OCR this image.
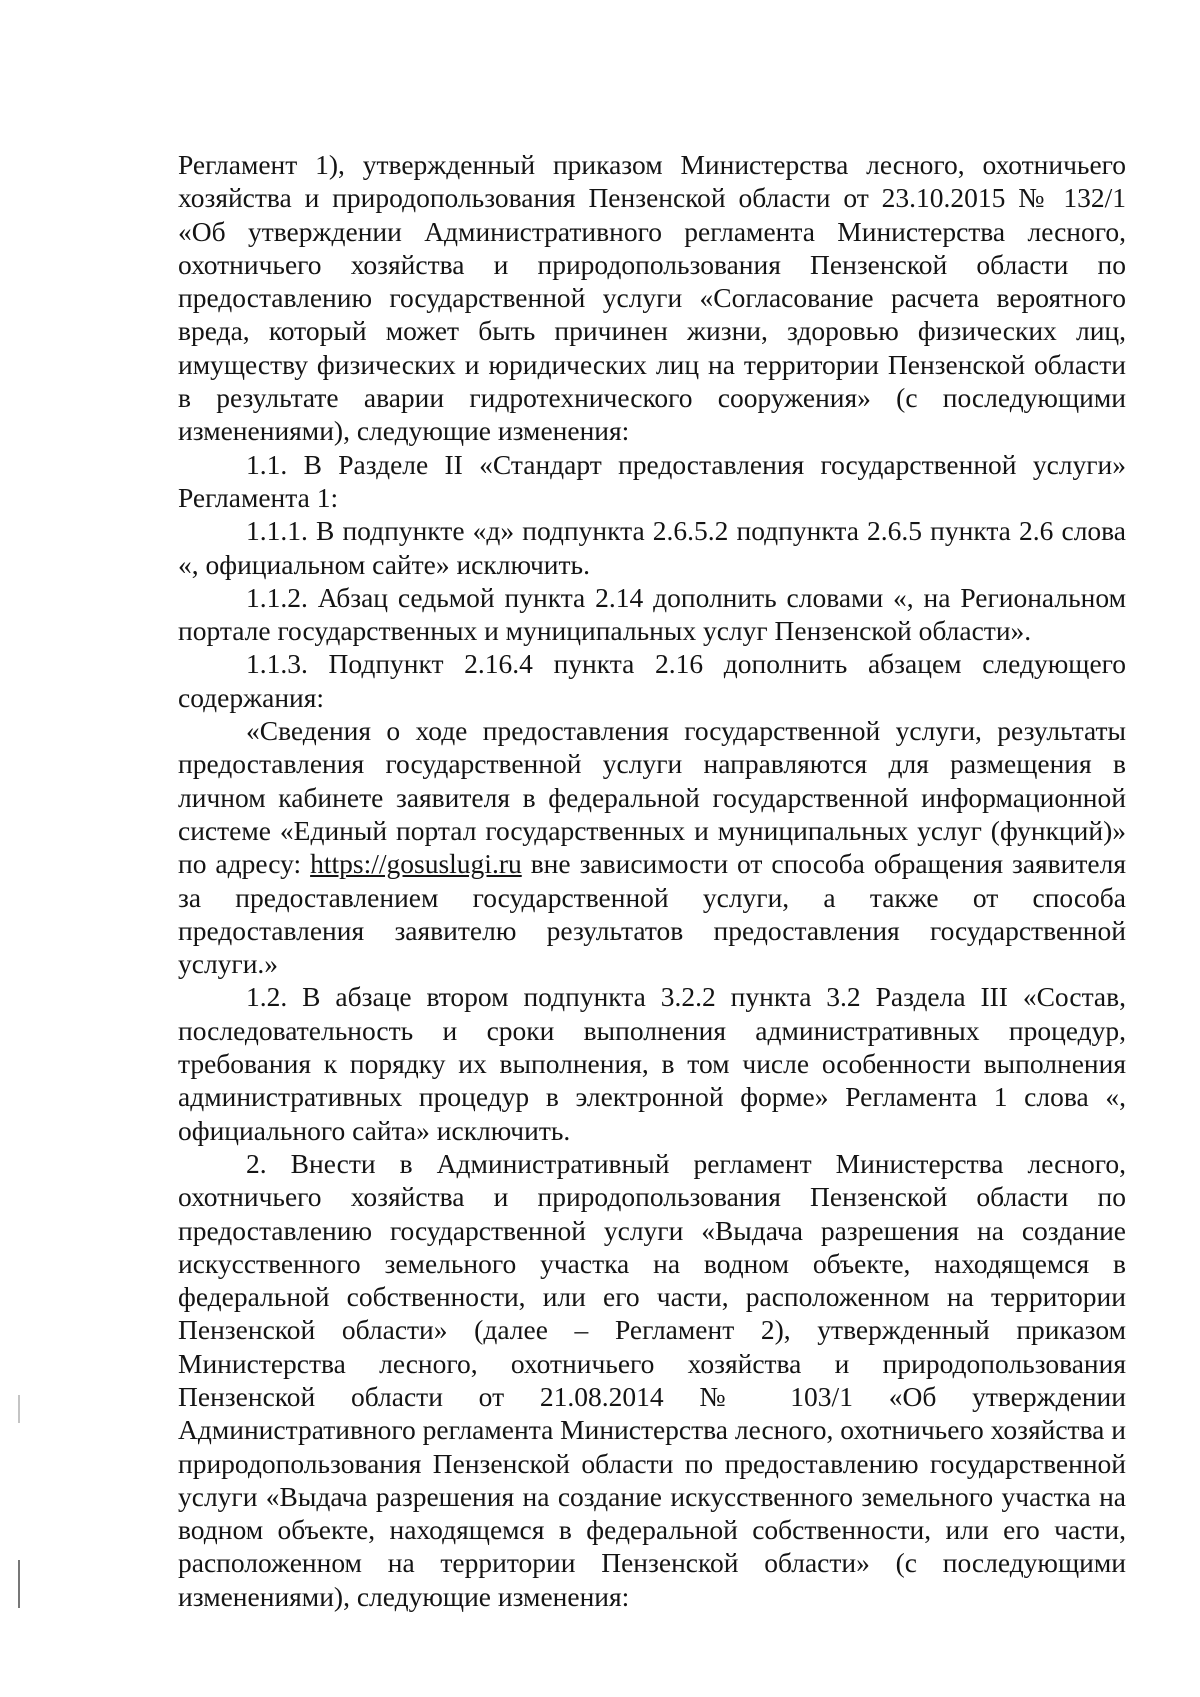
Регламент 1), утвержденный приказом Министерства лесного, охотничьего хозяйства и природопользования Пензенской области от 23.10.2015 № 132/1 «Об утверждении Административного регламента Министерства лесного, охотничьего хозяйства и природопользования Пензенской области по предоставлению государственной услуги «Согласование расчета вероятного вреда, который может быть причинен жизни, здоровью физических лиц, имуществу физических и юридических лиц на территории Пензенской области в результате аварии гидротехнического сооружения» (с последующими изменениями), следующие изменения:

1.1. В Разделе II «Стандарт предоставления государственной услуги» Регламента 1:

1.1.1. В подпункте «д» подпункта 2.6.5.2 подпункта 2.6.5 пункта 2.6 слова «, официальном сайте» исключить.

1.1.2. Абзац седьмой пункта 2.14 дополнить словами «, на Региональном портале государственных и муниципальных услуг Пензенской области».

1.1.3. Подпункт 2.16.4 пункта 2.16 дополнить абзацем следующего содержания:

«Сведения о ходе предоставления государственной услуги, результаты предоставления государственной услуги направляются для размещения в личном кабинете заявителя в федеральной государственной информационной системе «Единый портал государственных и муниципальных услуг (функций)» по адресу: https://gosuslugi.ru вне зависимости от способа обращения заявителя за предоставлением государственной услуги, а также от способа предоставления заявителю результатов предоставления государственной услуги.»

1.2. В абзаце втором подпункта 3.2.2 пункта 3.2 Раздела III «Состав, последовательность и сроки выполнения административных процедур, требования к порядку их выполнения, в том числе особенности выполнения административных процедур в электронной форме» Регламента 1 слова «, официального сайта» исключить.

2. Внести в Административный регламент Министерства лесного, охотничьего хозяйства и природопользования Пензенской области по предоставлению государственной услуги «Выдача разрешения на создание искусственного земельного участка на водном объекте, находящемся в федеральной собственности, или его части, расположенном на территории Пензенской области» (далее – Регламент 2), утвержденный приказом Министерства лесного, охотничьего хозяйства и природопользования Пензенской области от 21.08.2014 № 103/1 «Об утверждении Административного регламента Министерства лесного, охотничьего хозяйства и природопользования Пензенской области по предоставлению государственной услуги «Выдача разрешения на создание искусственного земельного участка на водном объекте, находящемся в федеральной собственности, или его части, расположенном на территории Пензенской области» (с последующими изменениями), следующие изменения:
